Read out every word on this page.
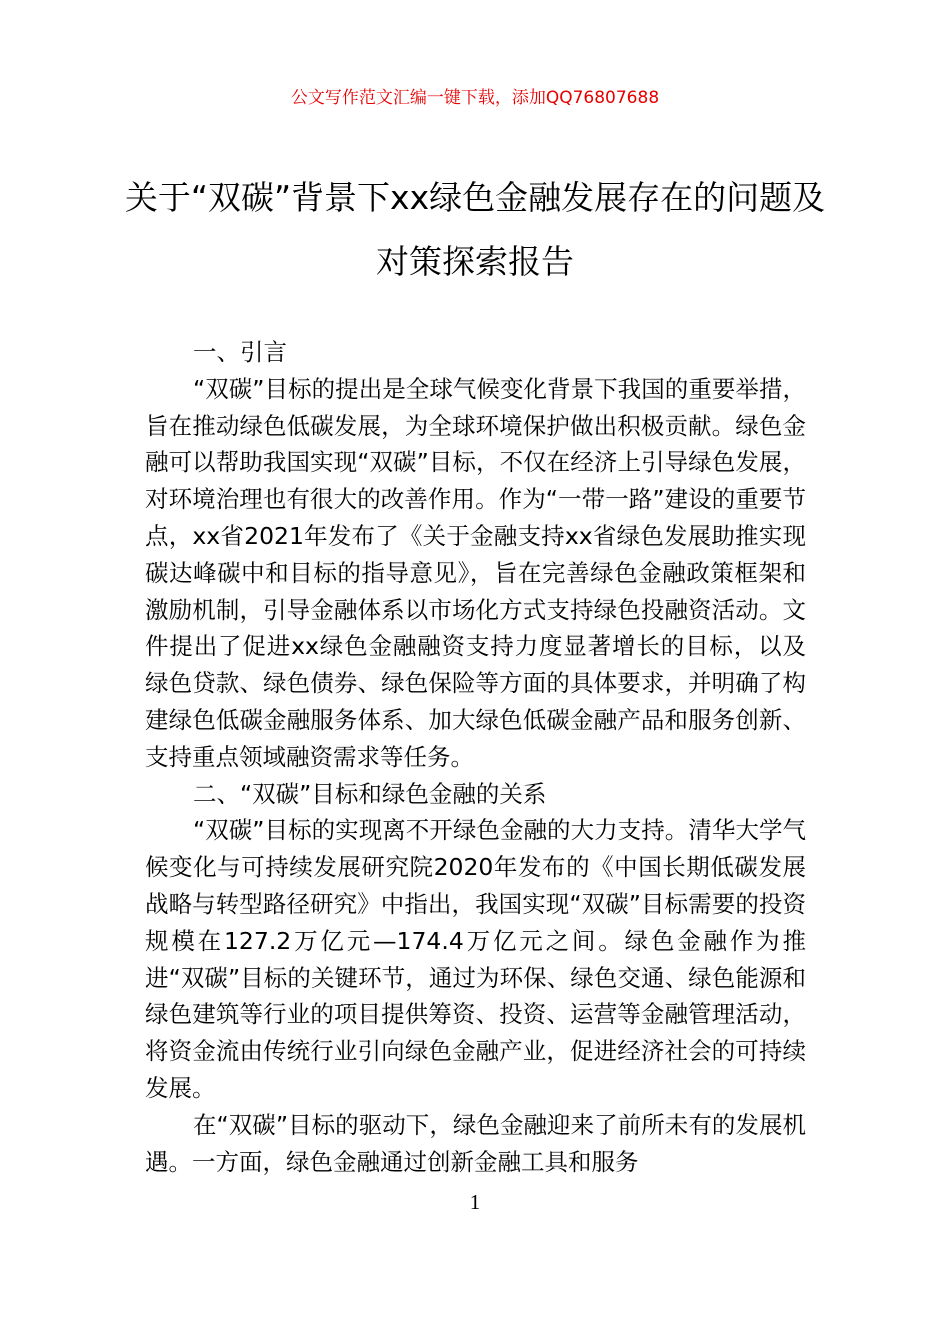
公文写作范文汇编一键下载，添加QQ76807688
关于“双碳”背景下xx绿色金融发展存在的问题及对策探索报告

一、引言

“双碳”目标的提出是全球气候变化背景下我国的重要举措，旨在推动绿色低碳发展，为全球环境保护做出积极贡献。绿色金融可以帮助我国实现“双碳”目标，不仅在经济上引导绿色发展，对环境治理也有很大的改善作用。作为“一带一路”建设的重要节点，xx省2021年发布了《关于金融支持xx省绿色发展助推实现碳达峰碳中和目标的指导意见》，旨在完善绿色金融政策框架和激励机制，引导金融体系以市场化方式支持绿色投融资活动。文件提出了促进xx绿色金融融资支持力度显著增长的目标，以及绿色贷款、绿色债券、绿色保险等方面的具体要求，并明确了构建绿色低碳金融服务体系、加大绿色低碳金融产品和服务创新、支持重点领域融资需求等任务。

二、“双碳”目标和绿色金融的关系

“双碳”目标的实现离不开绿色金融的大力支持。清华大学气候变化与可持续发展研究院2020年发布的《中国长期低碳发展战略与转型路径研究》中指出，我国实现“双碳”目标需要的投资规模在127.2万亿元—174.4万亿元之间。绿色金融作为推进“双碳”目标的关键环节，通过为环保、绿色交通、绿色能源和绿色建筑等行业的项目提供筹资、投资、运营等金融管理活动，将资金流由传统行业引向绿色金融产业，促进经济社会的可持续发展。

在“双碳”目标的驱动下，绿色金融迎来了前所未有的发展机遇。一方面，绿色金融通过创新金融工具和服务

1
